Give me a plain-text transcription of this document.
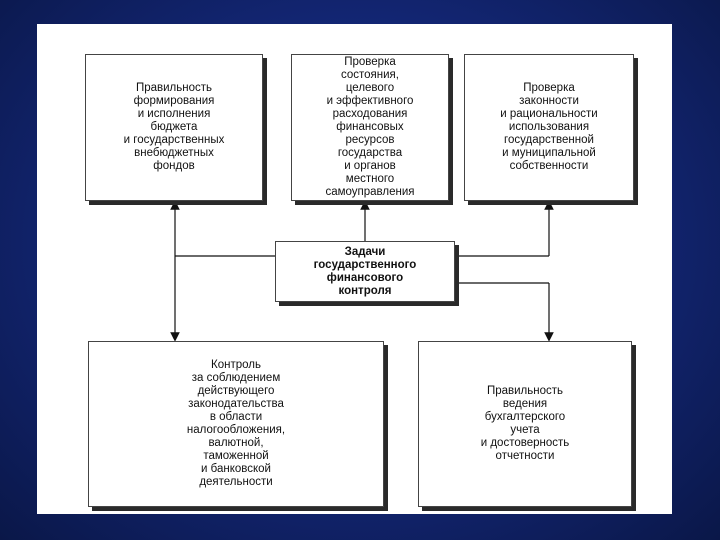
Правильность
формирования
и исполнения
бюджета
и государственных
внебюджетных
фондов
Проверка
состояния,
целевого
и эффективного
расходования
финансовых
ресурсов
государства
и органов
местного
самоуправления
Проверка
законности
и рациональности
использования
государственной
и муниципальной
собственности
Задачи
государственного
финансового
контроля
Контроль
за соблюдением
действующего
законодательства
в области
налогообложения,
валютной,
таможенной
и банковской
деятельности
Правильность
ведения
бухгалтерского
учета
и достоверность
отчетности
